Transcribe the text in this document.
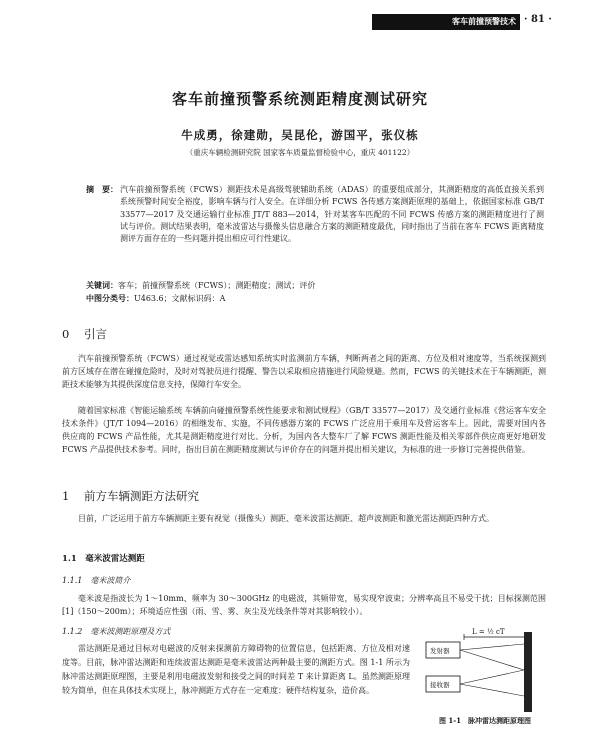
客车前撞预警技术 · 81 ·
客车前撞预警系统测距精度测试研究
牛成勇，徐建勋，吴昆伦，游国平，张仪栋
（重庆车辆检测研究院 国家客车质量监督检验中心，重庆 401122）
摘　要： 汽车前撞预警系统（FCWS）测距技术是高级驾驶辅助系统（ADAS）的重要组成部分，其测距精度的高低直接关系到系统预警时间安全裕度，影响车辆与行人安全。在详细分析 FCWS 各传感方案测距原理的基础上，依据国家标准 GB/T 33577—2017 及交通运输行业标准 JT/T 883—2014，针对某客车匹配的不同 FCWS 传感方案的测距精度进行了测试与评价。测试结果表明，毫米波雷达与摄像头信息融合方案的测距精度最优，同时指出了当前在客车 FCWS 距离精度测评方面存在的一些问题并提出相应可行性建议。
关键词：客车；前撞预警系统（FCWS）；测距精度；测试；评价
中图分类号：U463.6；文献标识码：A
0 引言
汽车前撞预警系统（FCWS）通过视觉或雷达感知系统实时监测前方车辆，判断两者之间的距离、方位及相对速度等，当系统探测到前方区域存在潜在碰撞危险时，及时对驾驶员进行提醒、警告以采取相应措施进行风险规避。然而，FCWS 的关键技术在于车辆测距，测距技术能够为其提供深度信息支持，保障行车安全。
随着国家标准《智能运输系统 车辆前向碰撞预警系统性能要求和测试规程》（GB/T 33577—2017）及交通行业标准《营运客车安全技术条件》（JT/T 1094—2016）的相继发布、实施，不同传感器方案的 FCWS 广泛应用于乘用车及营运客车上。因此，需要对国内各供应商的 FCWS 产品性能，尤其是测距精度进行对比、分析，为国内各大整车厂了解 FCWS 测距性能及相关零部件供应商更好地研发 FCWS 产品提供技术参考。同时，指出目前在测距精度测试与评价存在的问题并提出相关建议，为标准的进一步修订完善提供借鉴。
1 前方车辆测距方法研究
目前，广泛运用于前方车辆测距主要有视觉（摄像头）测距、毫米波雷达测距、超声波测距和激光雷达测距四种方式。
1.1　毫米波雷达测距
1.1.1　毫米波简介
毫米波是指波长为 1～10mm、频率为 30～300GHz 的电磁波，其频带宽，易实现窄波束；分辨率高且不易受干扰；目标探测范围[1]（150～200m）；环境适应性强（雨、雪、雾、灰尘及光线条件等对其影响较小）。
1.1.2　毫米波测距原理及方式
雷达测距是通过目标对电磁波的反射来探测前方障碍物的位置信息，包括距离、方位及相对速度等。目前，脉冲雷达测距和连续波雷达测距是毫米波雷达两种最主要的测距方式。图 1-1 所示为脉冲雷达测距原理图，主要是利用电磁波发射和接受之间的时间差 T 来计算距离 L。虽然测距原理较为简单，但在具体技术实现上，脉冲测距方式存在一定难度：硬件结构复杂，造价高。
L = ½ cT
发射器
接收器
图 1-1　脉冲雷达测距原理图
